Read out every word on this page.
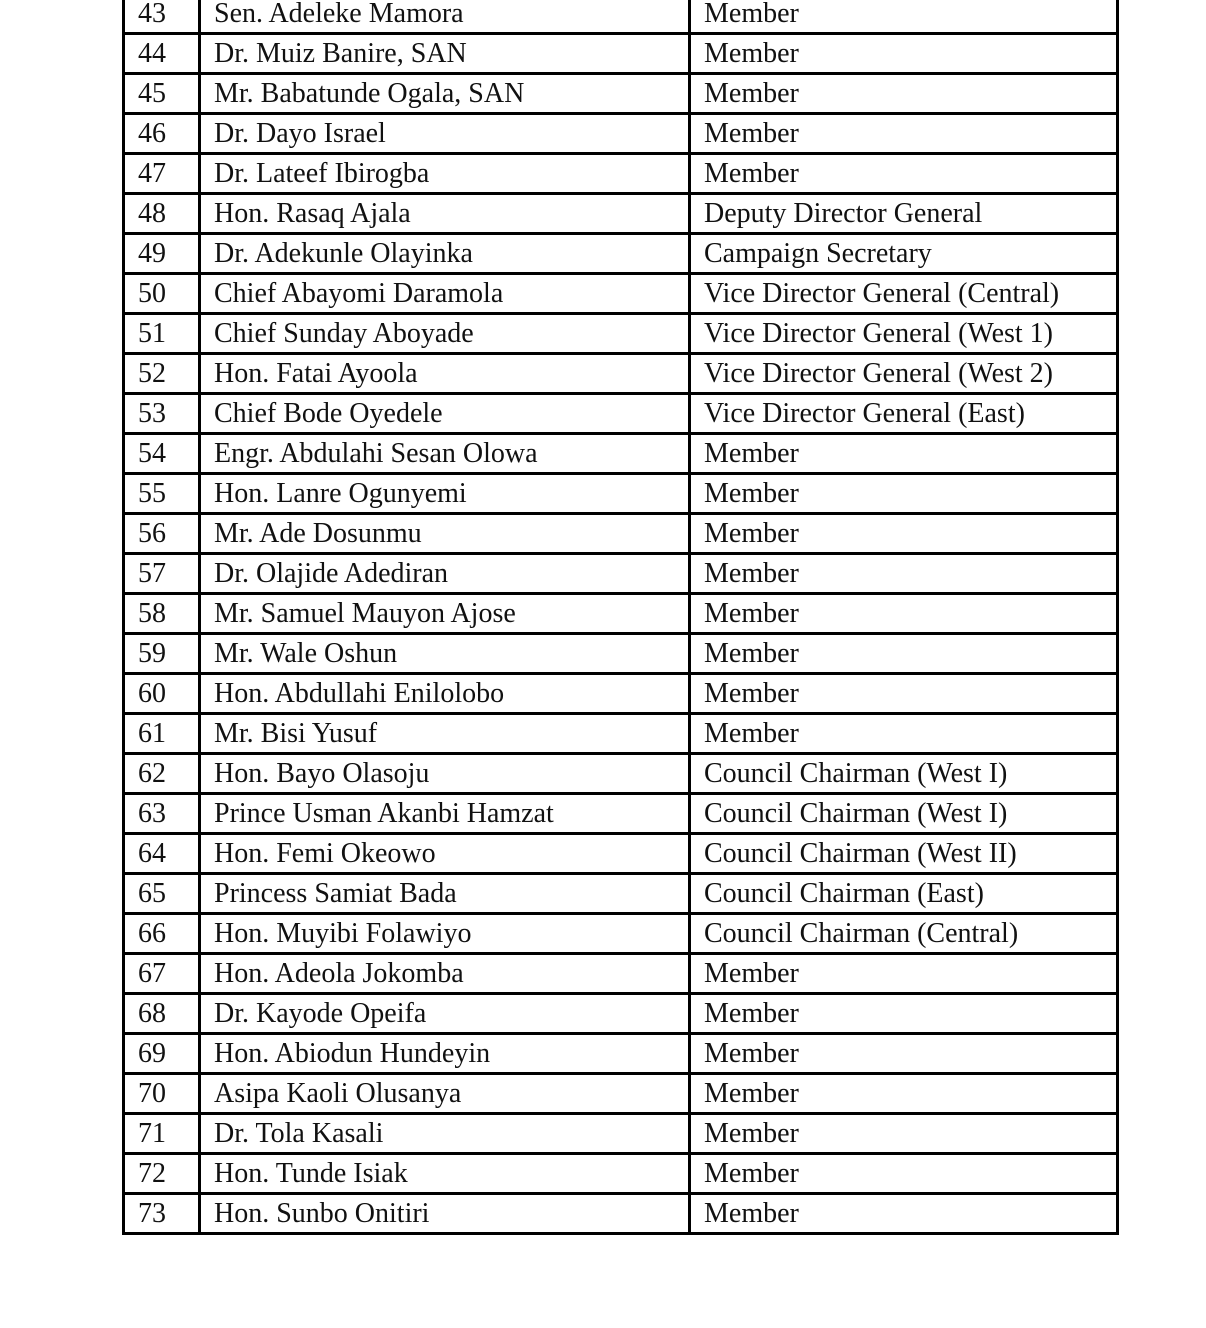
43	Sen. Adeleke Mamora	Member
44	Dr. Muiz Banire, SAN	Member
45	Mr. Babatunde Ogala, SAN	Member
46	Dr. Dayo Israel	Member
47	Dr. Lateef Ibirogba	Member
48	Hon. Rasaq Ajala	Deputy Director General
49	Dr. Adekunle Olayinka	Campaign Secretary
50	Chief Abayomi Daramola	Vice Director General (Central)
51	Chief Sunday Aboyade	Vice Director General (West 1)
52	Hon. Fatai Ayoola	Vice Director General (West 2)
53	Chief Bode Oyedele	Vice Director General (East)
54	Engr. Abdulahi Sesan Olowa	Member
55	Hon. Lanre Ogunyemi	Member
56	Mr. Ade Dosunmu	Member
57	Dr. Olajide Adediran	Member
58	Mr. Samuel Mauyon Ajose	Member
59	Mr. Wale Oshun	Member
60	Hon. Abdullahi Enilolobo	Member
61	Mr. Bisi Yusuf	Member
62	Hon. Bayo Olasoju	Council Chairman (West I)
63	Prince Usman Akanbi Hamzat	Council Chairman (West I)
64	Hon. Femi Okeowo	Council Chairman (West II)
65	Princess Samiat Bada	Council Chairman (East)
66	Hon. Muyibi Folawiyo	Council Chairman (Central)
67	Hon. Adeola Jokomba	Member
68	Dr. Kayode Opeifa	Member
69	Hon. Abiodun Hundeyin	Member
70	Asipa Kaoli Olusanya	Member
71	Dr. Tola Kasali	Member
72	Hon. Tunde Isiak	Member
73	Hon. Sunbo Onitiri	Member
